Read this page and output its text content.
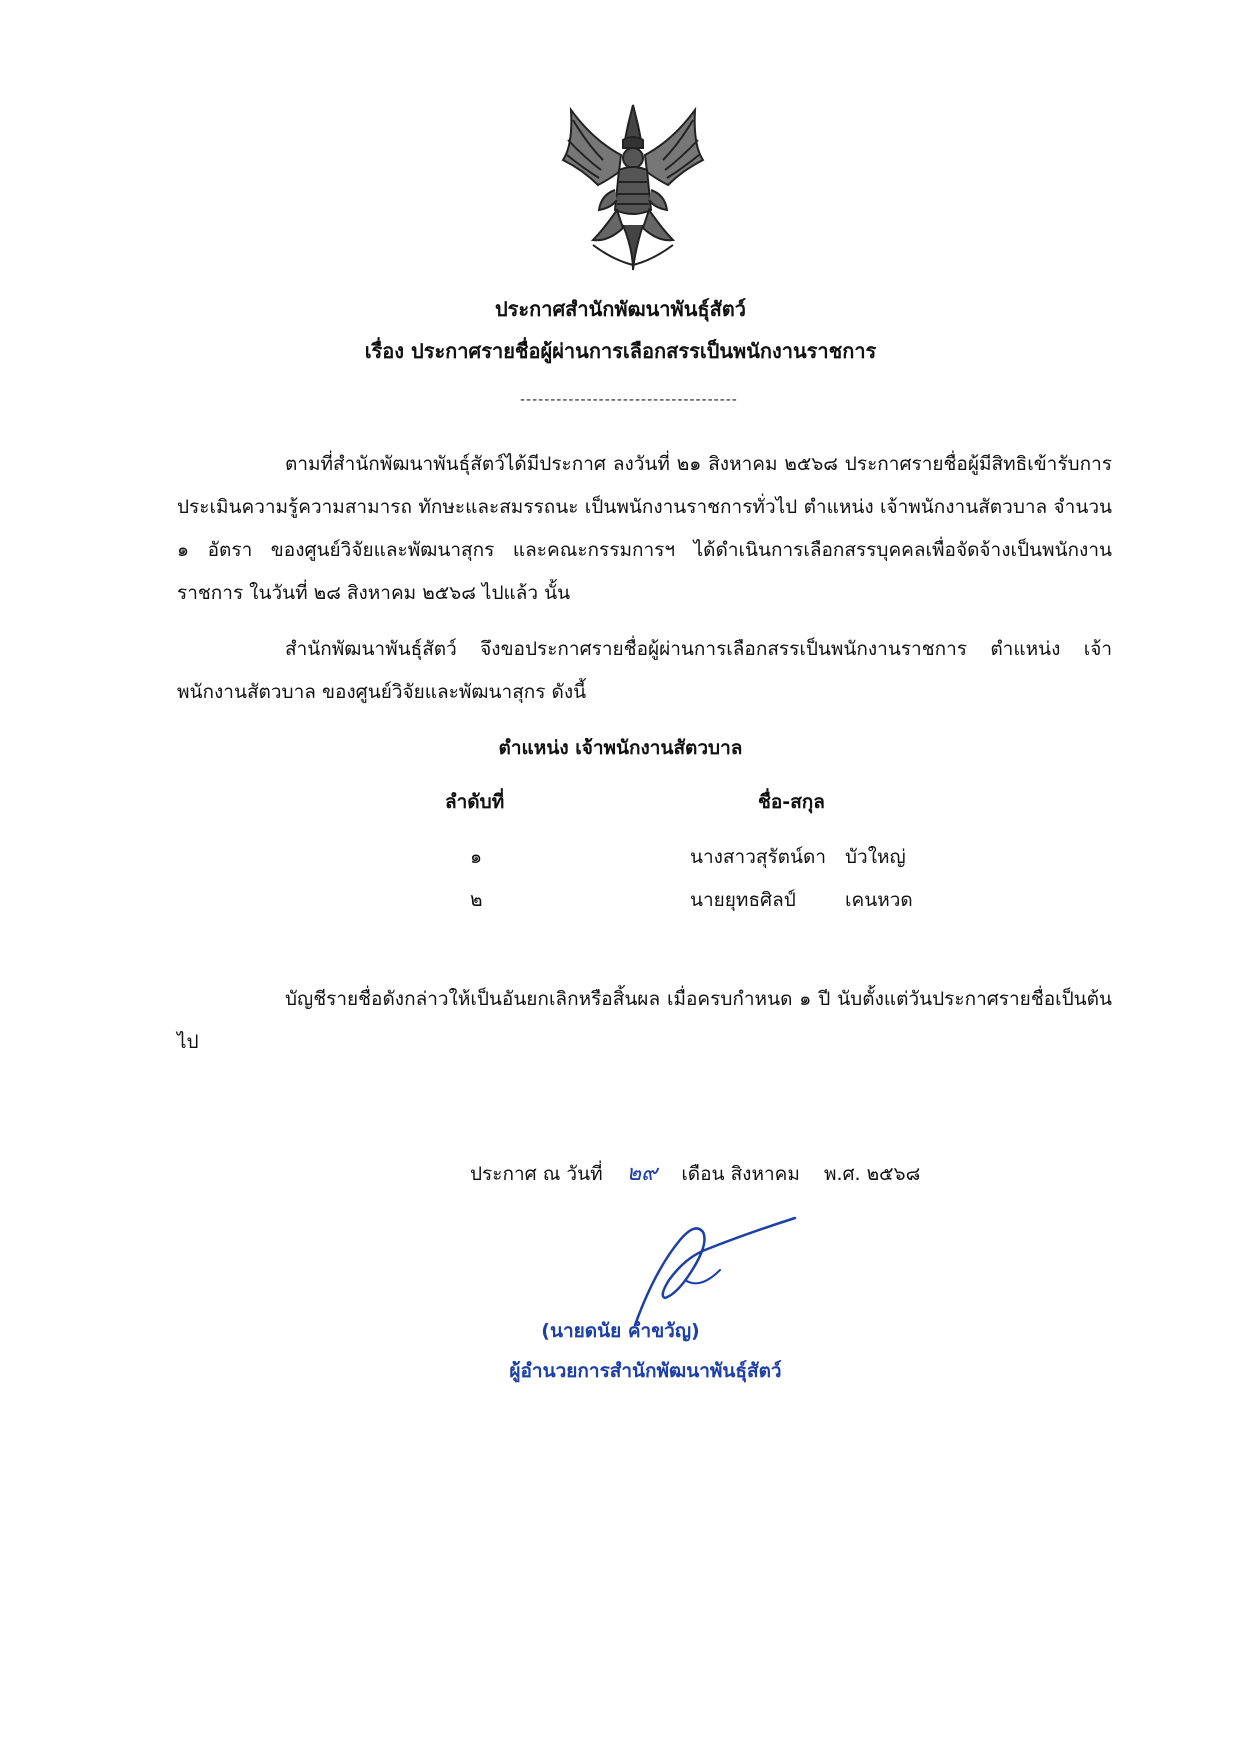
ประกาศสำนักพัฒนาพันธุ์สัตว์
เรื่อง ประกาศรายชื่อผู้ผ่านการเลือกสรรเป็นพนักงานราชการ
------------------------------------
ตามที่สำนักพัฒนาพันธุ์สัตว์ได้มีประกาศ ลงวันที่ ๒๑ สิงหาคม ๒๕๖๘ ประกาศรายชื่อผู้มีสิทธิเข้ารับการประเมินความรู้ความสามารถ ทักษะและสมรรถนะ เป็นพนักงานราชการทั่วไป ตำแหน่ง เจ้าพนักงานสัตวบาล จำนวน ๑ อัตรา ของศูนย์วิจัยและพัฒนาสุกร และคณะกรรมการฯ ได้ดำเนินการเลือกสรรบุคคลเพื่อจัดจ้างเป็นพนักงานราชการ ในวันที่ ๒๘ สิงหาคม ๒๕๖๘ ไปแล้ว นั้น
สำนักพัฒนาพันธุ์สัตว์ จึงขอประกาศรายชื่อผู้ผ่านการเลือกสรรเป็นพนักงานราชการ ตำแหน่ง เจ้าพนักงานสัตวบาล ของศูนย์วิจัยและพัฒนาสุกร ดังนี้
ตำแหน่ง เจ้าพนักงานสัตวบาล
ลำดับที่	ชื่อ-สกุล
๑	นางสาวสุรัตน์ดา บัวใหญ่
๒	นายยุทธศิลป์	เคนหวด
บัญชีรายชื่อดังกล่าวให้เป็นอันยกเลิกหรือสิ้นผล เมื่อครบกำหนด ๑ ปี นับตั้งแต่วันประกาศรายชื่อเป็นต้นไป
ประกาศ ณ วันที่ ๒๙ เดือน สิงหาคม พ.ศ. ๒๕๖๘
(นายดนัย คำขวัญ)
ผู้อำนวยการสำนักพัฒนาพันธุ์สัตว์
